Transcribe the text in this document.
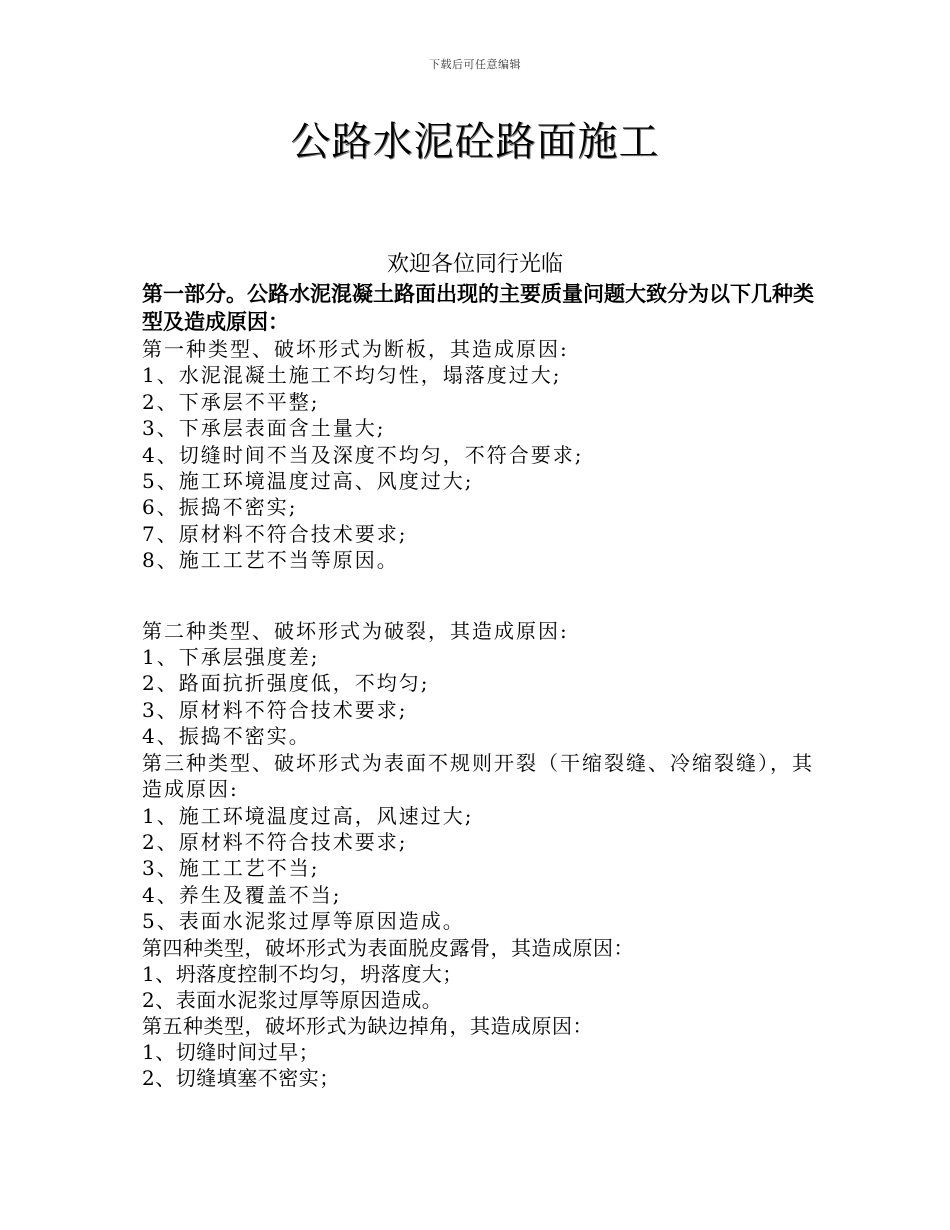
下载后可任意编辑
公路水泥砼路面施工
欢迎各位同行光临

第一部分。公路水泥混凝土路面出现的主要质量问题大致分为以下几种类型及造成原因：

第一种类型、破坏形式为断板，其造成原因:
1、水泥混凝土施工不均匀性，塌落度过大;
2、下承层不平整;
3、下承层表面含土量大;
4、切缝时间不当及深度不均匀，不符合要求;
5、施工环境温度过高、风度过大;
6、振捣不密实;
7、原材料不符合技术要求;
8、施工工艺不当等原因。
第二种类型、破坏形式为破裂，其造成原因:
1、下承层强度差;
2、路面抗折强度低，不均匀;
3、原材料不符合技术要求;
4、振捣不密实。
第三种类型、破坏形式为表面不规则开裂（干缩裂缝、冷缩裂缝），其造成原因:
1、施工环境温度过高，风速过大;
2、原材料不符合技术要求;
3、施工工艺不当;
4、养生及覆盖不当;
5、表面水泥浆过厚等原因造成。
第四种类型，破坏形式为表面脱皮露骨，其造成原因：
1、坍落度控制不均匀，坍落度大；
2、表面水泥浆过厚等原因造成。
第五种类型，破坏形式为缺边掉角，其造成原因：
1、切缝时间过早；
2、切缝填塞不密实；
